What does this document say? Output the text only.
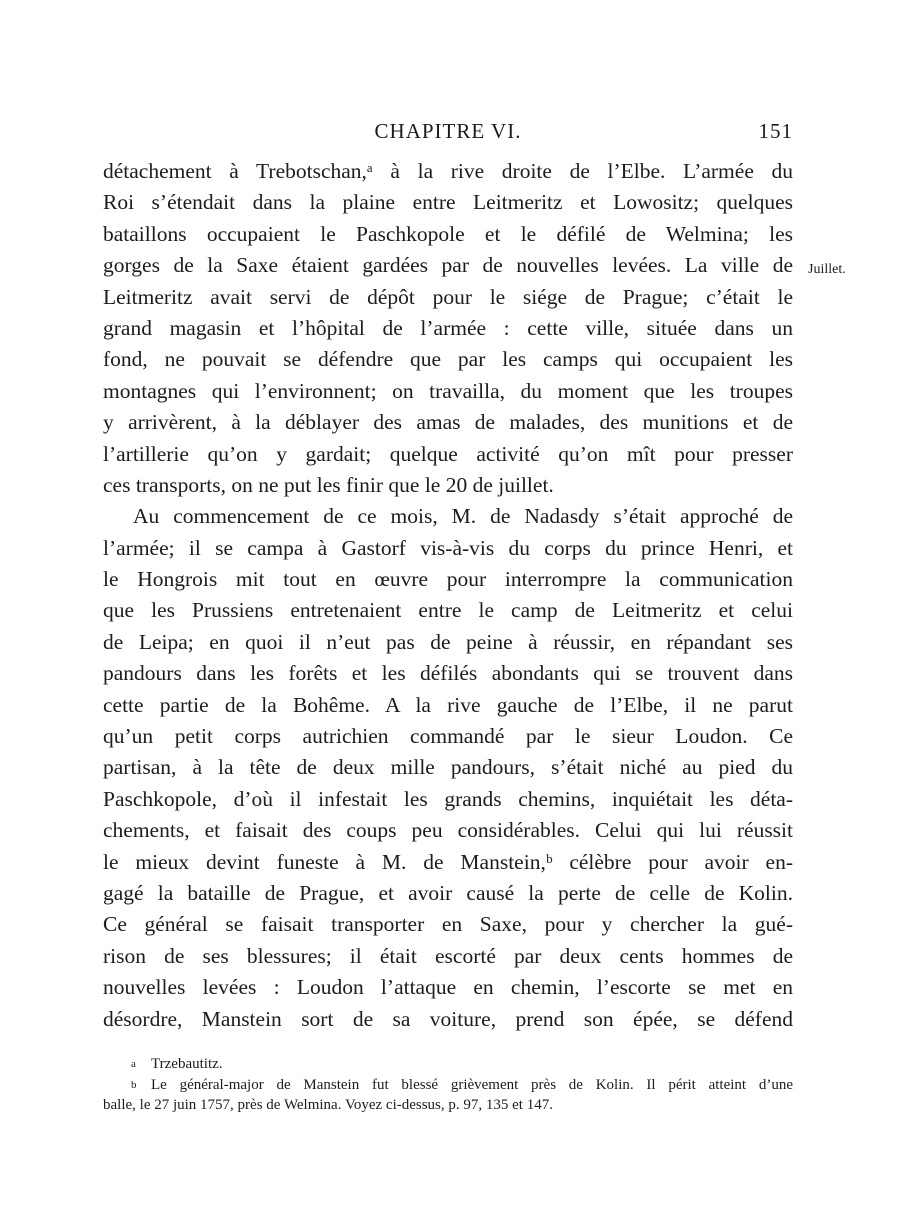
CHAPITRE VI.	151
Juillet.
détachement à Trebotschan,ᵃ à la rive droite de l’Elbe. L’armée du
Roi s’étendait dans la plaine entre Leitmeritz et Lowositz; quelques
bataillons occupaient le Paschkopole et le défilé de Welmina; les
gorges de la Saxe étaient gardées par de nouvelles levées. La ville de
Leitmeritz avait servi de dépôt pour le siége de Prague; c’était le
grand magasin et l’hôpital de l’armée : cette ville, située dans un
fond, ne pouvait se défendre que par les camps qui occupaient les
montagnes qui l’environnent; on travailla, du moment que les troupes
y arrivèrent, à la déblayer des amas de malades, des munitions et de
l’artillerie qu’on y gardait; quelque activité qu’on mît pour presser
ces transports, on ne put les finir que le 20 de juillet.
Au commencement de ce mois, M. de Nadasdy s’était approché de
l’armée; il se campa à Gastorf vis-à-vis du corps du prince Henri, et
le Hongrois mit tout en œuvre pour interrompre la communication
que les Prussiens entretenaient entre le camp de Leitmeritz et celui
de Leipa; en quoi il n’eut pas de peine à réussir, en répandant ses
pandours dans les forêts et les défilés abondants qui se trouvent dans
cette partie de la Bohême. A la rive gauche de l’Elbe, il ne parut
qu’un petit corps autrichien commandé par le sieur Loudon. Ce
partisan, à la tête de deux mille pandours, s’était niché au pied du
Paschkopole, d’où il infestait les grands chemins, inquiétait les déta-
chements, et faisait des coups peu considérables. Celui qui lui réussit
le mieux devint funeste à M. de Manstein,ᵇ célèbre pour avoir en-
gagé la bataille de Prague, et avoir causé la perte de celle de Kolin.
Ce général se faisait transporter en Saxe, pour y chercher la gué-
rison de ses blessures; il était escorté par deux cents hommes de
nouvelles levées : Loudon l’attaque en chemin, l’escorte se met en
désordre, Manstein sort de sa voiture, prend son épée, se défend
a Trzebautitz.
b Le général-major de Manstein fut blessé grièvement près de Kolin. Il périt atteint d’une
balle, le 27 juin 1757, près de Welmina. Voyez ci-dessus, p. 97, 135 et 147.
